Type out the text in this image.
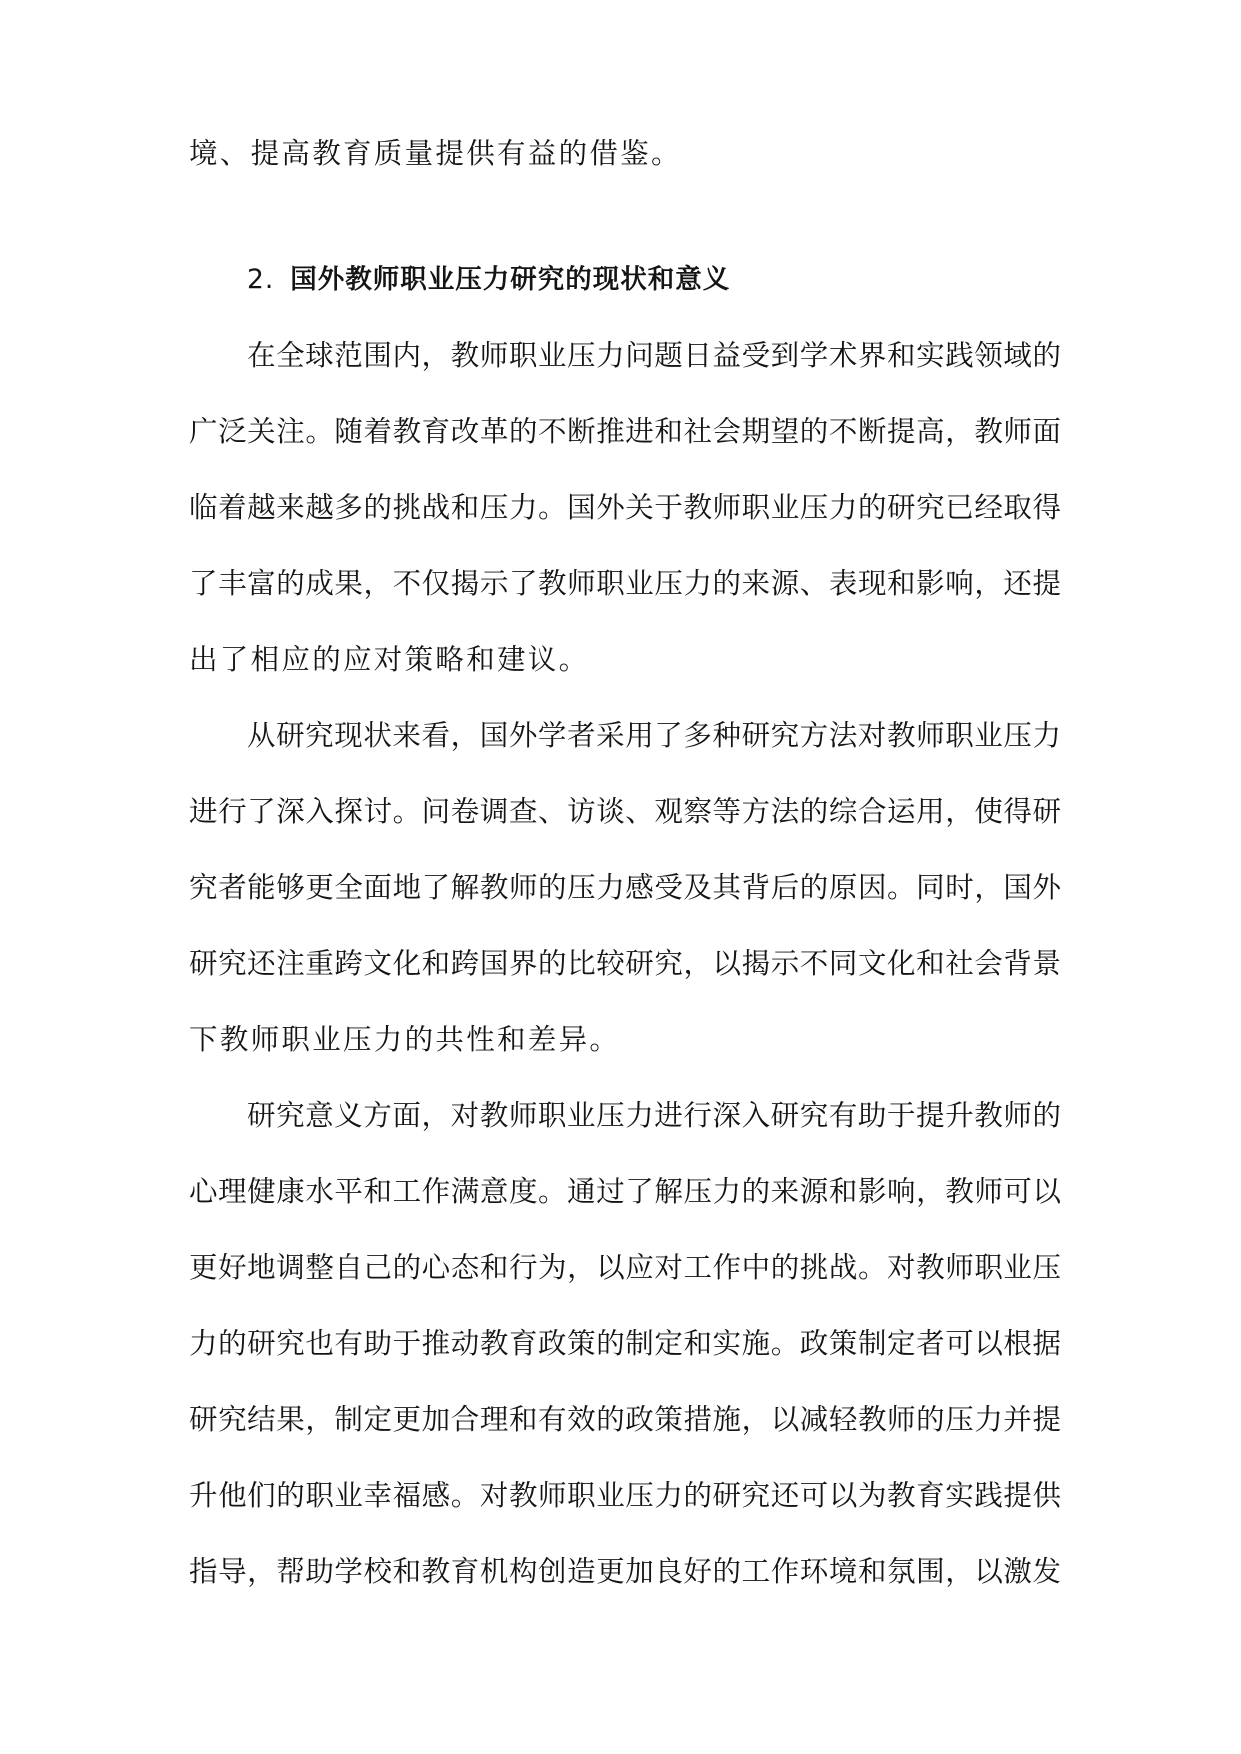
境、提高教育质量提供有益的借鉴。
2. 国外教师职业压力研究的现状和意义
在全球范围内，教师职业压力问题日益受到学术界和实践领域的
广泛关注。随着教育改革的不断推进和社会期望的不断提高，教师面
临着越来越多的挑战和压力。国外关于教师职业压力的研究已经取得
了丰富的成果，不仅揭示了教师职业压力的来源、表现和影响，还提
出了相应的应对策略和建议。
从研究现状来看，国外学者采用了多种研究方法对教师职业压力
进行了深入探讨。问卷调查、访谈、观察等方法的综合运用，使得研
究者能够更全面地了解教师的压力感受及其背后的原因。同时，国外
研究还注重跨文化和跨国界的比较研究，以揭示不同文化和社会背景
下教师职业压力的共性和差异。
研究意义方面，对教师职业压力进行深入研究有助于提升教师的
心理健康水平和工作满意度。通过了解压力的来源和影响，教师可以
更好地调整自己的心态和行为，以应对工作中的挑战。对教师职业压
力的研究也有助于推动教育政策的制定和实施。政策制定者可以根据
研究结果，制定更加合理和有效的政策措施，以减轻教师的压力并提
升他们的职业幸福感。对教师职业压力的研究还可以为教育实践提供
指导，帮助学校和教育机构创造更加良好的工作环境和氛围，以激发
